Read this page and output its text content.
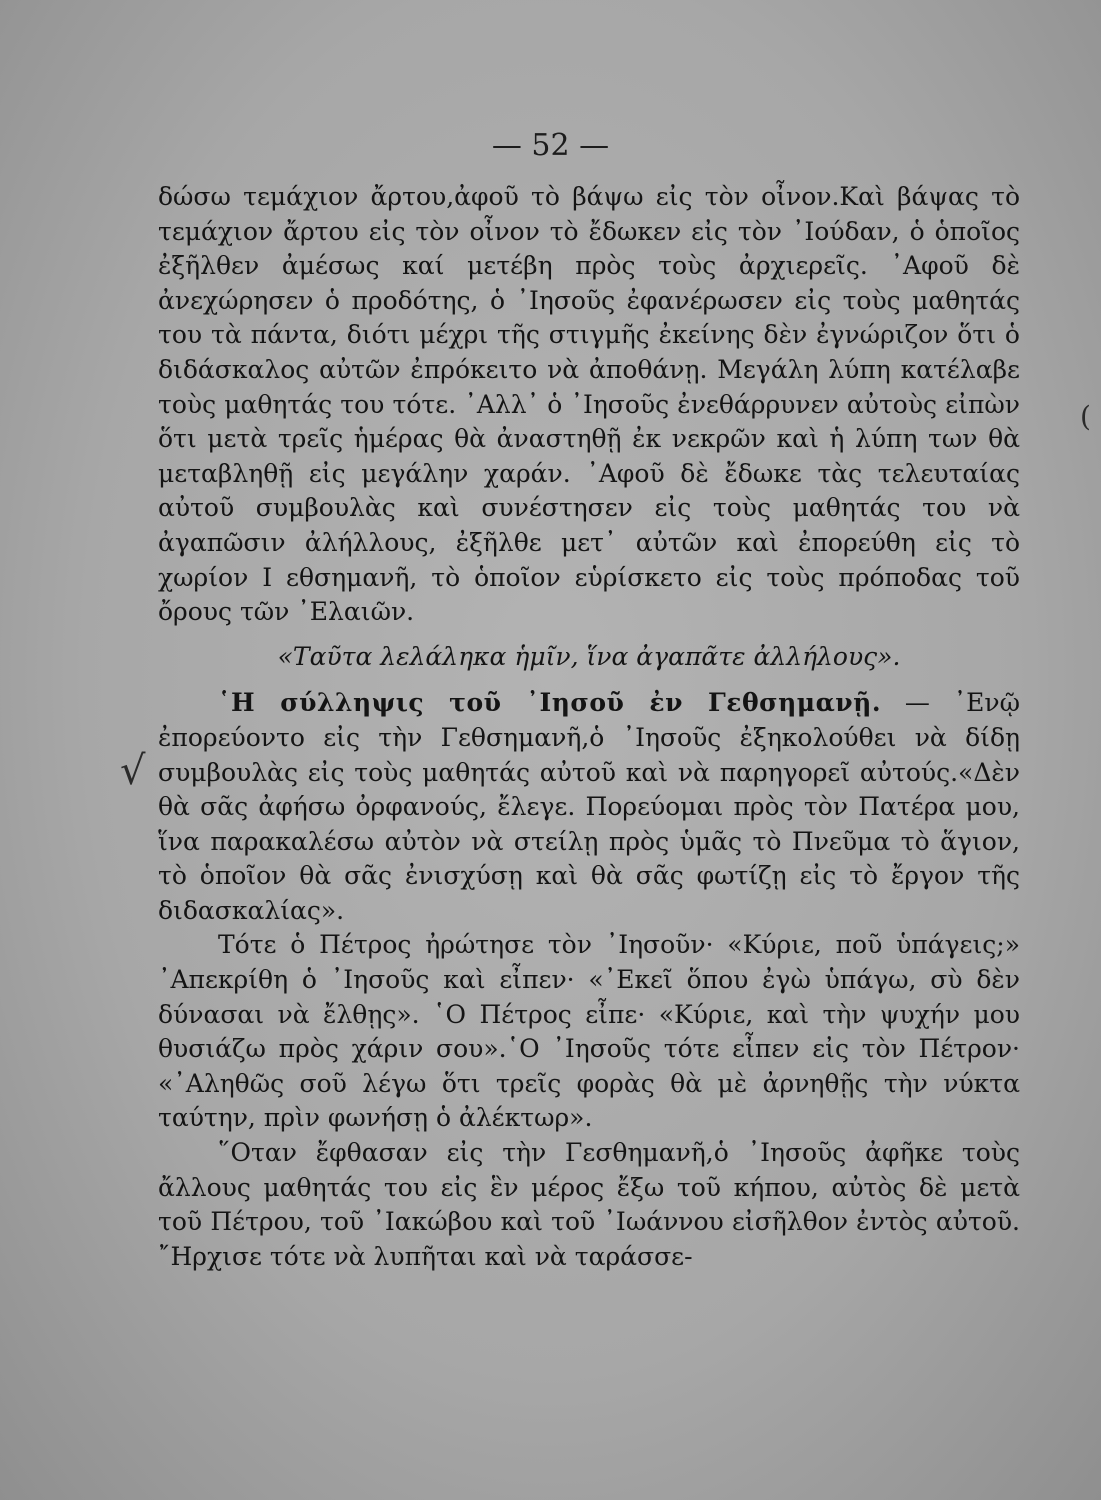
— 52 —
√
(

δώσω τεμάχιον ἄρτου,ἀφοῦ τὸ βάψω εἰς τὸν οἶνον.Καὶ βάψας τὸ τεμάχιον ἄρτου εἰς τὸν οἶνον τὸ ἔδωκεν εἰς τὸν ᾿Ιούδαν, ὁ ὁποῖος ἐξῆλθεν ἀμέσως καί μετέβη πρὸς τοὺς ἀρχιερεῖς. ᾿Αφοῦ δὲ ἀνεχώρησεν ὁ προδότης, ὁ ᾿Ιησοῦς ἐφανέρωσεν εἰς τοὺς μαθητάς του τὰ πάντα, διότι μέχρι τῆς στιγμῆς ἐκείνης δὲν ἐγνώριζον ὅτι ὁ διδάσκαλος αὐτῶν ἐπρόκειτο νὰ ἀποθάνῃ. Μεγάλη λύπη κατέλαβε τοὺς μαθητάς του τότε. ᾿Αλλ᾿ ὁ ᾿Ιησοῦς ἐνεθάρρυνεν αὐτοὺς εἰπὼν ὅτι μετὰ τρεῖς ἡμέρας θὰ ἀναστηθῇ ἐκ νεκρῶν καὶ ἡ λύπη των θὰ μεταβληθῇ εἰς μεγάλην χαράν. ᾿Αφοῦ δὲ ἔδωκε τὰς τελευταίας αὐτοῦ συμβουλὰς καὶ συνέστησεν εἰς τοὺς μαθητάς του νὰ ἀγαπῶσιν ἀλήλλους, ἐξῆλθε μετ᾿ αὐτῶν καὶ ἐπορεύθη εἰς τὸ χωρίον Ι εθσημανῆ, τὸ ὁποῖον εὑρίσκετο εἰς τοὺς πρόποδας τοῦ ὄρους τῶν ᾿Ελαιῶν.

«Ταῦτα λελάληκα ἡμῖν, ἵνα ἀγαπᾶτε ἀλλήλους».

῾Η σύλληψις τοῦ ᾿Ιησοῦ ἐν Γεθσημανῇ. — ᾿Ενῷ ἐπορεύοντο εἰς τὴν Γεθσημανῆ,ὁ ᾿Ιησοῦς ἐξηκολούθει νὰ δίδῃ συμβουλὰς εἰς τοὺς μαθητάς αὐτοῦ καὶ νὰ παρηγορεῖ αὐτούς.«Δὲν θὰ σᾶς ἀφήσω ὀρφανούς, ἔλεγε. Πορεύομαι πρὸς τὸν Πατέρα μου, ἵνα παρακαλέσω αὐτὸν νὰ στείλῃ πρὸς ὑμᾶς τὸ Πνεῦμα τὸ ἅγιον, τὸ ὁποῖον θὰ σᾶς ἐνισχύσῃ καὶ θὰ σᾶς φωτίζῃ εἰς τὸ ἔργον τῆς διδασκαλίας».

Τότε ὁ Πέτρος ἠρώτησε τὸν ᾿Ιησοῦν· «Κύριε, ποῦ ὑπάγεις;» ᾿Απεκρίθη ὁ ᾿Ιησοῦς καὶ εἶπεν· «᾿Εκεῖ ὅπου ἐγὼ ὑπάγω, σὺ δὲν δύνασαι νὰ ἔλθῃς». ῾Ο Πέτρος εἶπε· «Κύριε, καὶ τὴν ψυχήν μου θυσιάζω πρὸς χάριν σου».῾Ο ᾿Ιησοῦς τότε εἶπεν εἰς τὸν Πέτρον· «᾿Αληθῶς σοῦ λέγω ὅτι τρεῖς φορὰς θὰ μὲ ἀρνηθῇς τὴν νύκτα ταύτην, πρὶν φωνήσῃ ὁ ἀλέκτωρ».

῞Οταν ἔφθασαν εἰς τὴν Γεσθημανῆ,ὁ ᾿Ιησοῦς ἀφῆκε τοὺς ἄλλους μαθητάς του εἰς ἓν μέρος ἔξω τοῦ κήπου, αὐτὸς δὲ μετὰ τοῦ Πέτρου, τοῦ ᾿Ιακώβου καὶ τοῦ ᾿Ιωάννου εἰσῆλθον ἐντὸς αὐτοῦ. ῎Ηρχισε τότε νὰ λυπῆται καὶ νὰ ταράσσε-
